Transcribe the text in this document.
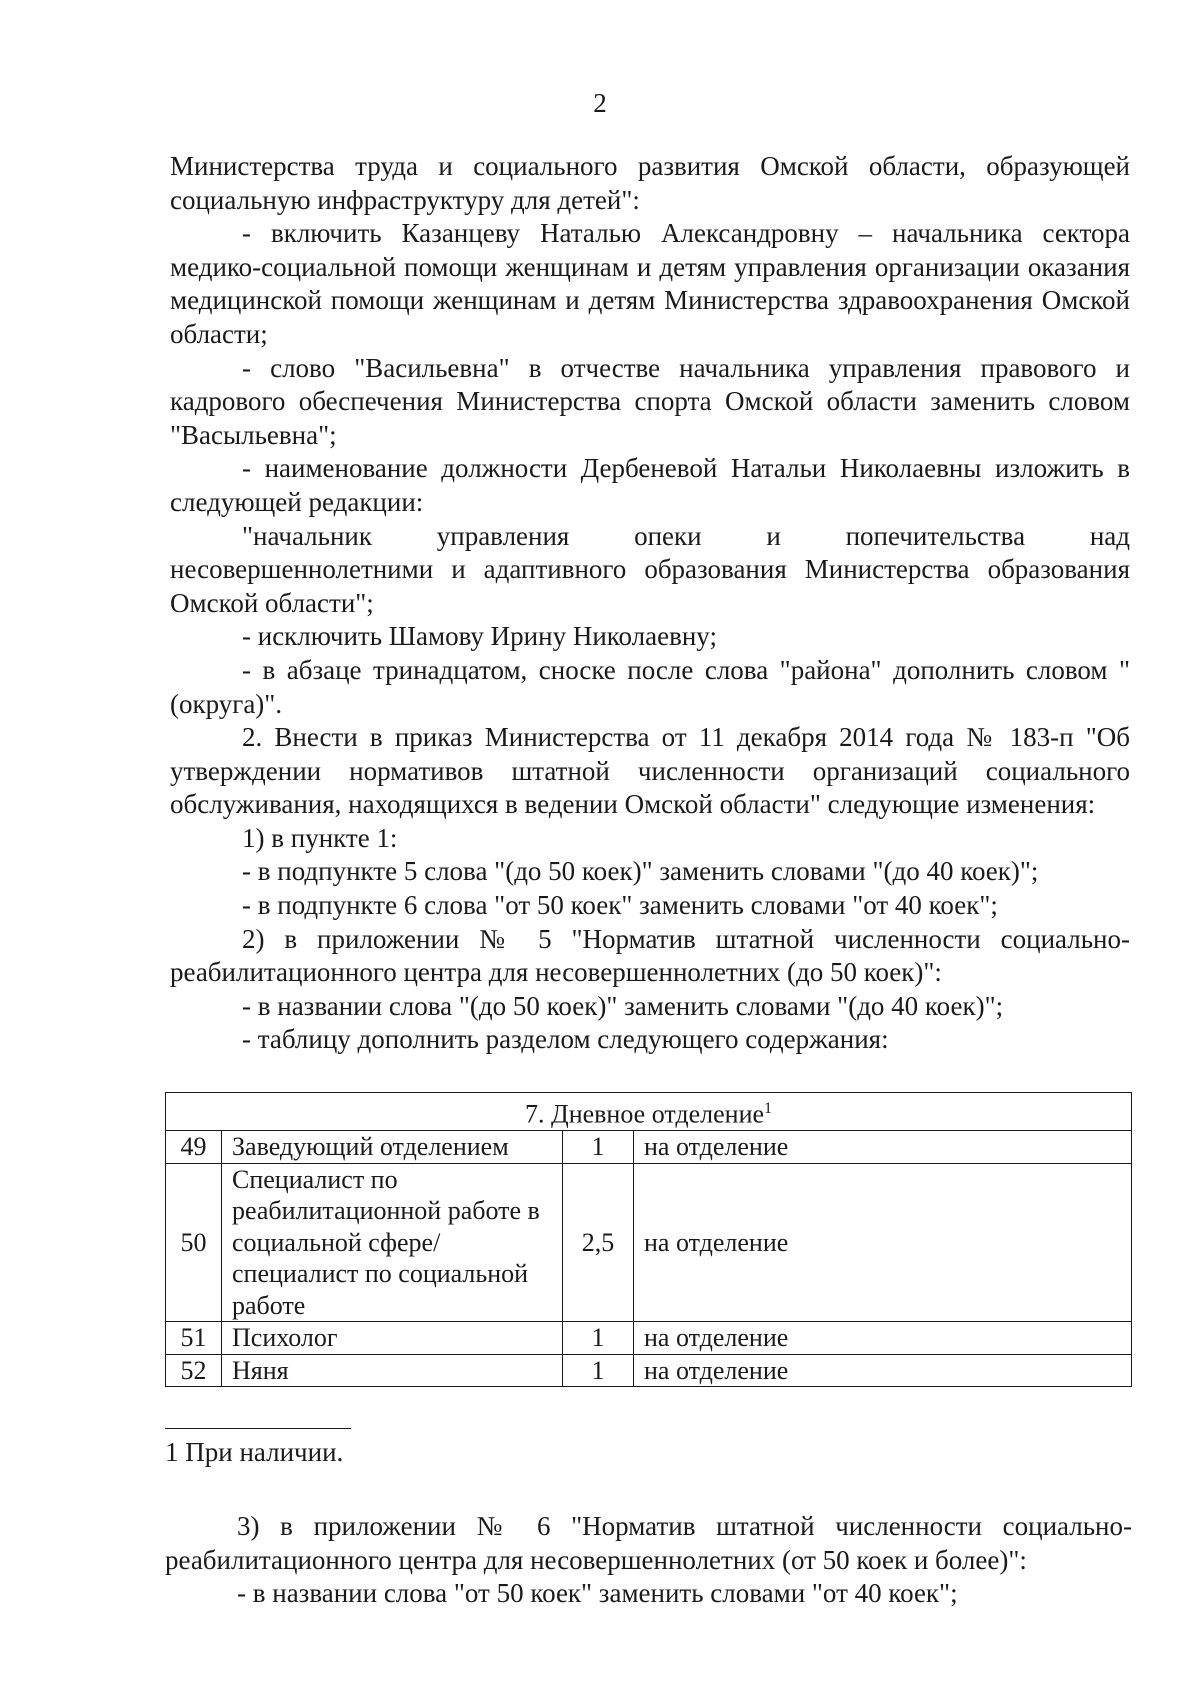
2

Министерства труда и социального развития Омской области, образующей социальную инфраструктуру для детей":

- включить Казанцеву Наталью Александровну – начальника сектора медико-социальной помощи женщинам и детям управления организации оказания медицинской помощи женщинам и детям Министерства здравоохранения Омской области;

- слово "Васильевна" в отчестве начальника управления правового и кадрового обеспечения Министерства спорта Омской области заменить словом "Васыльевна";

- наименование должности Дербеневой Натальи Николаевны изложить в следующей редакции:

"начальник управления опеки и попечительства над

несовершеннолетними и адаптивного образования Министерства образования Омской области";

- исключить Шамову Ирину Николаевну;

- в абзаце тринадцатом, сноске после слова "района" дополнить словом "(округа)".

2. Внести в приказ Министерства от 11 декабря 2014 года № 183-п "Об утверждении нормативов штатной численности организаций социального обслуживания, находящихся в ведении Омской области" следующие изменения:

1) в пункте 1:

- в подпункте 5 слова "(до 50 коек)" заменить словами "(до 40 коек)";

- в подпункте 6 слова "от 50 коек" заменить словами "от 40 коек";

2) в приложении № 5 "Норматив штатной численности социально-реабилитационного центра для несовершеннолетних (до 50 коек)":

- в названии слова "(до 50 коек)" заменить словами "(до 40 коек)";

- таблицу дополнить разделом следующего содержания:

7. Дневное отделение$^1$
49	Заведующий отделением	1	на отделение
50	Специалист по реабилитационной работе в социальной сфере/специалист по социальной работе	2,5	на отделение
51	Психолог	1	на отделение
52	Няня	1	на отделение
1 При наличии.

3) в приложении № 6 "Норматив штатной численности социально-реабилитационного центра для несовершеннолетних (от 50 коек и более)":

- в названии слова "от 50 коек" заменить словами "от 40 коек";
